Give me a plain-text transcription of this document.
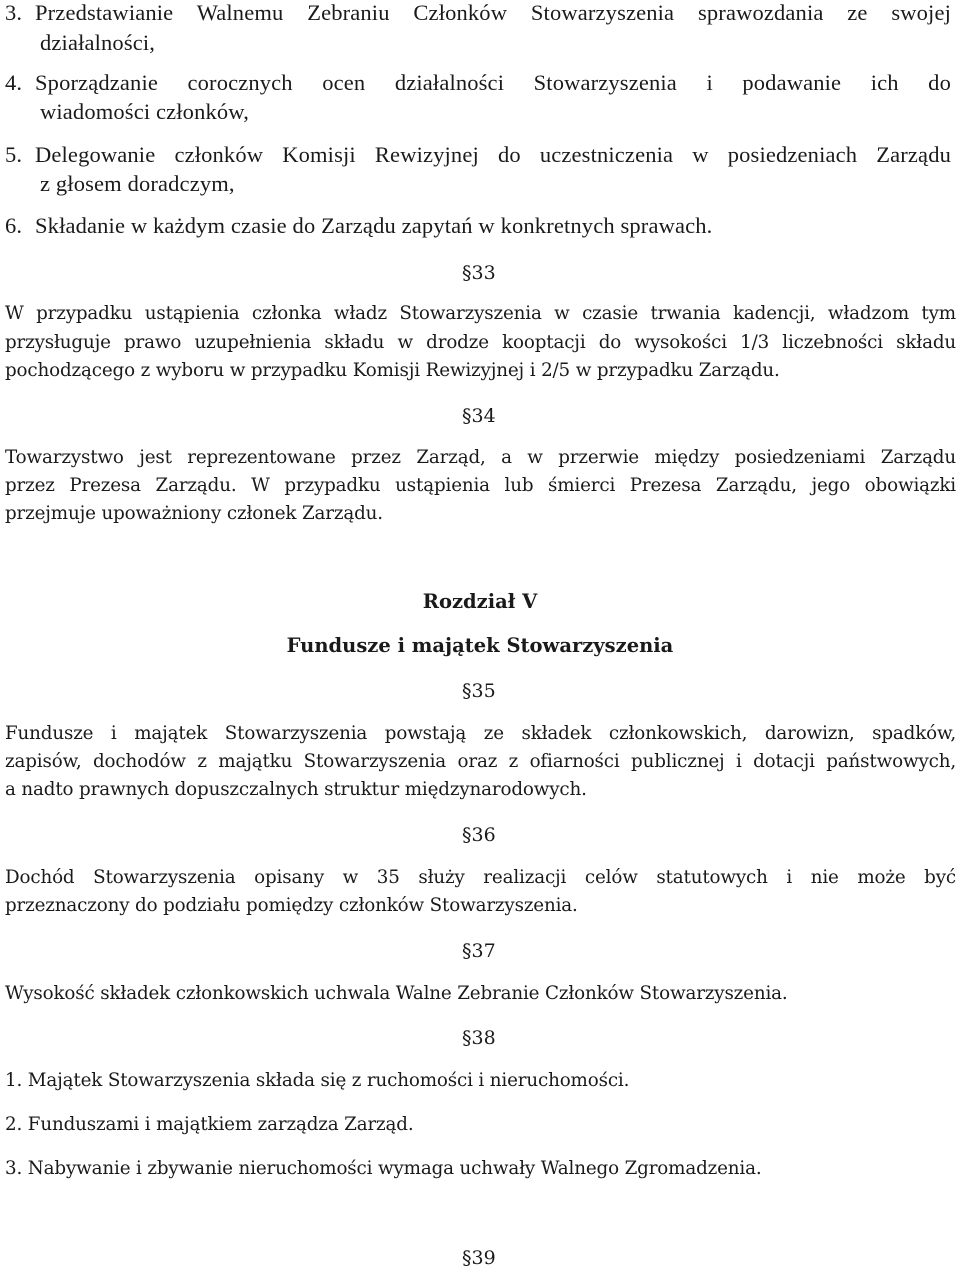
3. Przedstawianie Walnemu Zebraniu Członków Stowarzyszenia sprawozdania ze swojej
działalności,
4. Sporządzanie corocznych ocen działalności Stowarzyszenia i podawanie ich do
wiadomości członków,
5. Delegowanie członków Komisji Rewizyjnej do uczestniczenia w posiedzeniach Zarządu
z głosem doradczym,
6. Składanie w każdym czasie do Zarządu zapytań w konkretnych sprawach.
§33
W przypadku ustąpienia członka władz Stowarzyszenia w czasie trwania kadencji, władzom tym
przysługuje prawo uzupełnienia składu w drodze kooptacji do wysokości 1/3 liczebności składu
pochodzącego z wyboru w przypadku Komisji Rewizyjnej i 2/5 w przypadku Zarządu.
§34
Towarzystwo jest reprezentowane przez Zarząd, a w przerwie między posiedzeniami Zarządu
przez Prezesa Zarządu. W przypadku ustąpienia lub śmierci Prezesa Zarządu, jego obowiązki
przejmuje upoważniony członek Zarządu.
Rozdział V
Fundusze i majątek Stowarzyszenia
§35
Fundusze i majątek Stowarzyszenia powstają ze składek członkowskich, darowizn, spadków,
zapisów, dochodów z majątku Stowarzyszenia oraz z ofiarności publicznej i dotacji państwowych,
a nadto prawnych dopuszczalnych struktur międzynarodowych.
§36
Dochód Stowarzyszenia opisany w 35 służy realizacji celów statutowych i nie może być
przeznaczony do podziału pomiędzy członków Stowarzyszenia.
§37
Wysokość składek członkowskich uchwala Walne Zebranie Członków Stowarzyszenia.
§38
1. Majątek Stowarzyszenia składa się z ruchomości i nieruchomości.
2. Funduszami i majątkiem zarządza Zarząd.
3. Nabywanie i zbywanie nieruchomości wymaga uchwały Walnego Zgromadzenia.
§39
